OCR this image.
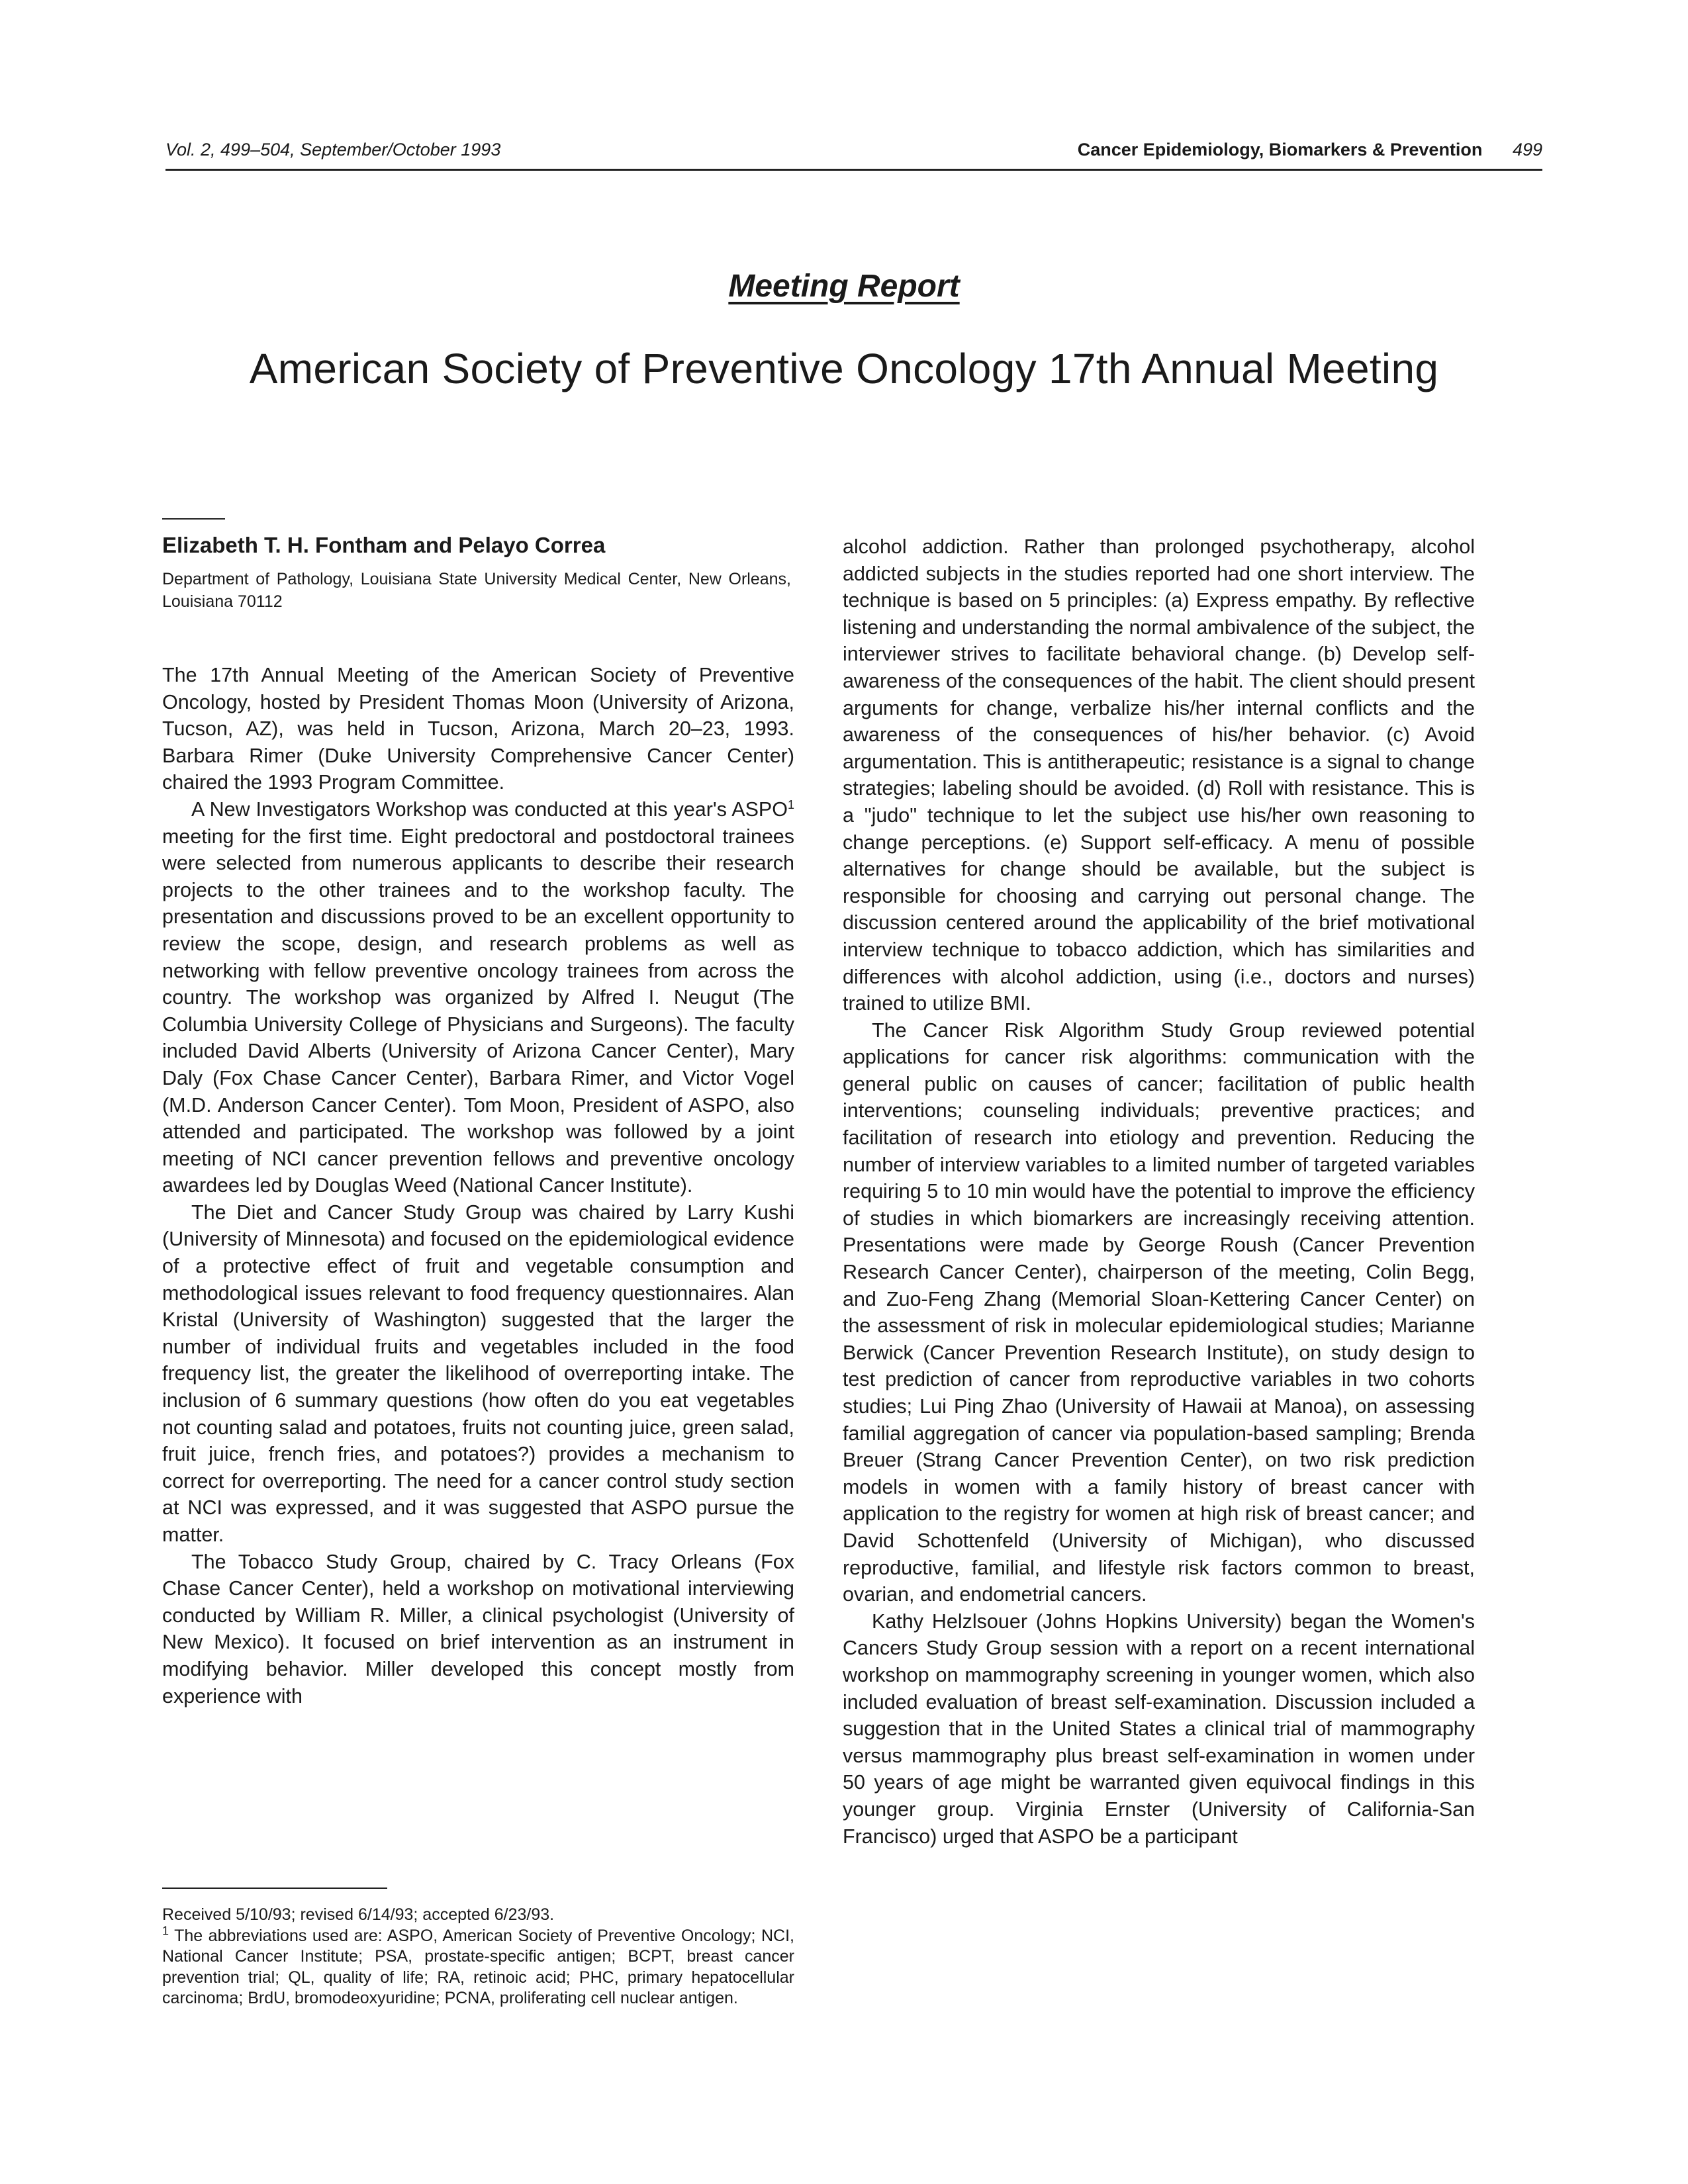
Vol. 2, 499–504, September/October 1993	Cancer Epidemiology, Biomarkers & Prevention 499
Meeting Report
American Society of Preventive Oncology 17th Annual Meeting
Elizabeth T. H. Fontham and Pelayo Correa
Department of Pathology, Louisiana State University Medical Center, New Orleans, Louisiana 70112

The 17th Annual Meeting of the American Society of Preventive Oncology, hosted by President Thomas Moon (University of Arizona, Tucson, AZ), was held in Tucson, Arizona, March 20–23, 1993. Barbara Rimer (Duke University Comprehensive Cancer Center) chaired the 1993 Program Committee.

A New Investigators Workshop was conducted at this year's ASPO$^1$ meeting for the first time. Eight predoctoral and postdoctoral trainees were selected from numerous applicants to describe their research projects to the other trainees and to the workshop faculty. The presentation and discussions proved to be an excellent opportunity to review the scope, design, and research problems as well as networking with fellow preventive oncology trainees from across the country. The workshop was organized by Alfred I. Neugut (The Columbia University College of Physicians and Surgeons). The faculty included David Alberts (University of Arizona Cancer Center), Mary Daly (Fox Chase Cancer Center), Barbara Rimer, and Victor Vogel (M.D. Anderson Cancer Center). Tom Moon, President of ASPO, also attended and participated. The workshop was followed by a joint meeting of NCI cancer prevention fellows and preventive oncology awardees led by Douglas Weed (National Cancer Institute).

The Diet and Cancer Study Group was chaired by Larry Kushi (University of Minnesota) and focused on the epidemiological evidence of a protective effect of fruit and vegetable consumption and methodological issues relevant to food frequency questionnaires. Alan Kristal (University of Washington) suggested that the larger the number of individual fruits and vegetables included in the food frequency list, the greater the likelihood of overreporting intake. The inclusion of 6 summary questions (how often do you eat vegetables not counting salad and potatoes, fruits not counting juice, green salad, fruit juice, french fries, and potatoes?) provides a mechanism to correct for overreporting. The need for a cancer control study section at NCI was expressed, and it was suggested that ASPO pursue the matter.

The Tobacco Study Group, chaired by C. Tracy Orleans (Fox Chase Cancer Center), held a workshop on motivational interviewing conducted by William R. Miller, a clinical psychologist (University of New Mexico). It focused on brief intervention as an instrument in modifying behavior. Miller developed this concept mostly from experience with

alcohol addiction. Rather than prolonged psychotherapy, alcohol addicted subjects in the studies reported had one short interview. The technique is based on 5 principles: (a) Express empathy. By reflective listening and understanding the normal ambivalence of the subject, the interviewer strives to facilitate behavioral change. (b) Develop self-awareness of the consequences of the habit. The client should present arguments for change, verbalize his/her internal conflicts and the awareness of the consequences of his/her behavior. (c) Avoid argumentation. This is antitherapeutic; resistance is a signal to change strategies; labeling should be avoided. (d) Roll with resistance. This is a "judo" technique to let the subject use his/her own reasoning to change perceptions. (e) Support self-efficacy. A menu of possible alternatives for change should be available, but the subject is responsible for choosing and carrying out personal change. The discussion centered around the applicability of the brief motivational interview technique to tobacco addiction, which has similarities and differences with alcohol addiction, using (i.e., doctors and nurses) trained to utilize BMI.

The Cancer Risk Algorithm Study Group reviewed potential applications for cancer risk algorithms: communication with the general public on causes of cancer; facilitation of public health interventions; counseling individuals; preventive practices; and facilitation of research into etiology and prevention. Reducing the number of interview variables to a limited number of targeted variables requiring 5 to 10 min would have the potential to improve the efficiency of studies in which biomarkers are increasingly receiving attention. Presentations were made by George Roush (Cancer Prevention Research Cancer Center), chairperson of the meeting, Colin Begg, and Zuo-Feng Zhang (Memorial Sloan-Kettering Cancer Center) on the assessment of risk in molecular epidemiological studies; Marianne Berwick (Cancer Prevention Research Institute), on study design to test prediction of cancer from reproductive variables in two cohorts studies; Lui Ping Zhao (University of Hawaii at Manoa), on assessing familial aggregation of cancer via population-based sampling; Brenda Breuer (Strang Cancer Prevention Center), on two risk prediction models in women with a family history of breast cancer with application to the registry for women at high risk of breast cancer; and David Schottenfeld (University of Michigan), who discussed reproductive, familial, and lifestyle risk factors common to breast, ovarian, and endometrial cancers.

Kathy Helzlsouer (Johns Hopkins University) began the Women's Cancers Study Group session with a report on a recent international workshop on mammography screening in younger women, which also included evaluation of breast self-examination. Discussion included a suggestion that in the United States a clinical trial of mammography versus mammography plus breast self-examination in women under 50 years of age might be warranted given equivocal findings in this younger group. Virginia Ernster (University of California-San Francisco) urged that ASPO be a participant

Received 5/10/93; revised 6/14/93; accepted 6/23/93.

$^1$ The abbreviations used are: ASPO, American Society of Preventive Oncology; NCI, National Cancer Institute; PSA, prostate-specific antigen; BCPT, breast cancer prevention trial; QL, quality of life; RA, retinoic acid; PHC, primary hepatocellular carcinoma; BrdU, bromodeoxyuridine; PCNA, proliferating cell nuclear antigen.
